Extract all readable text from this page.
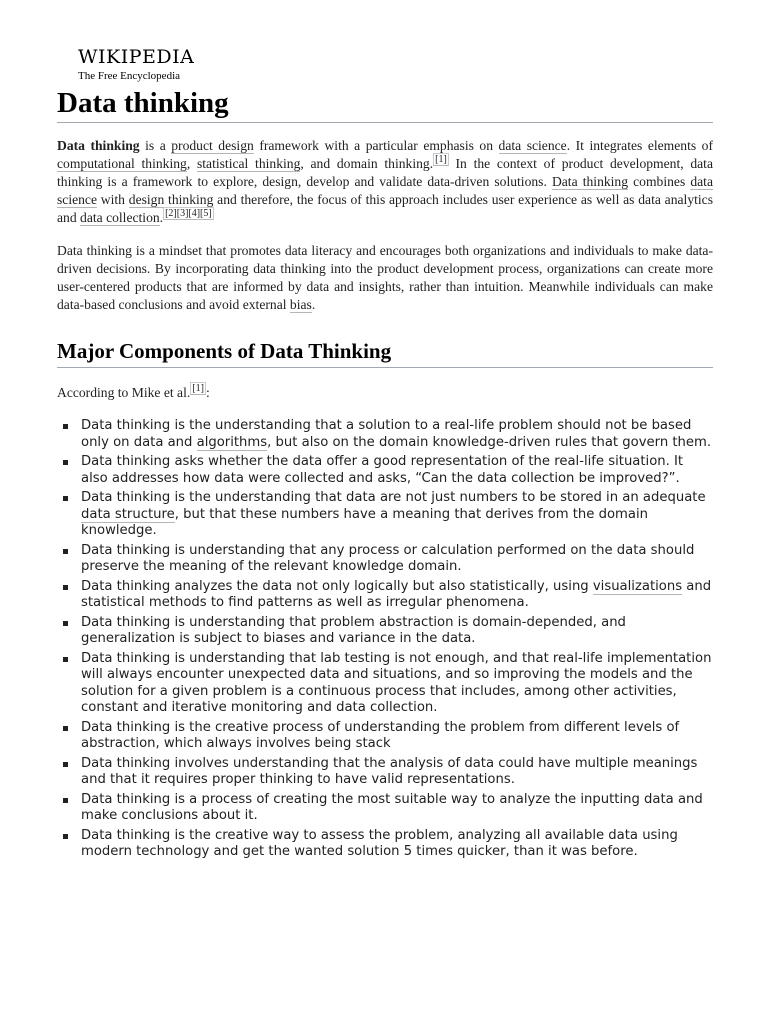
WIKIPEDIA
The Free Encyclopedia
Data thinking

Data thinking is a product design framework with a particular emphasis on data science. It integrates elements of computational thinking, statistical thinking, and domain thinking. [1] In the context of product development, data thinking is a framework to explore, design, develop and validate data-driven solutions. Data thinking combines data science with design thinking and therefore, the focus of this approach includes user experience as well as data analytics and data collection. [2][3][4][5]

Data thinking is a mindset that promotes data literacy and encourages both organizations and individuals to make data-driven decisions. By incorporating data thinking into the product development process, organizations can create more user-centered products that are informed by data and insights, rather than intuition. Meanwhile individuals can make data-based conclusions and avoid external bias.

Major Components of Data Thinking

According to Mike et al. [1] :

Data thinking is the understanding that a solution to a real-life problem should not be based only on data and algorithms, but also on the domain knowledge-driven rules that govern them.
Data thinking asks whether the data offer a good representation of the real-life situation. It also addresses how data were collected and asks, “Can the data collection be improved?”.
Data thinking is the understanding that data are not just numbers to be stored in an adequate data structure, but that these numbers have a meaning that derives from the domain knowledge.
Data thinking is understanding that any process or calculation performed on the data should preserve the meaning of the relevant knowledge domain.
Data thinking analyzes the data not only logically but also statistically, using visualizations and statistical methods to find patterns as well as irregular phenomena.
Data thinking is understanding that problem abstraction is domain-depended, and generalization is subject to biases and variance in the data.
Data thinking is understanding that lab testing is not enough, and that real-life implementation will always encounter unexpected data and situations, and so improving the models and the solution for a given problem is a continuous process that includes, among other activities, constant and iterative monitoring and data collection.
Data thinking is the creative process of understanding the problem from different levels of abstraction, which always involves being stack
Data thinking involves understanding that the analysis of data could have multiple meanings and that it requires proper thinking to have valid representations.
Data thinking is a process of creating the most suitable way to analyze the inputting data and make conclusions about it.
Data thinking is the creative way to assess the problem, analyzing all available data using modern technology and get the wanted solution 5 times quicker, than it was before.
